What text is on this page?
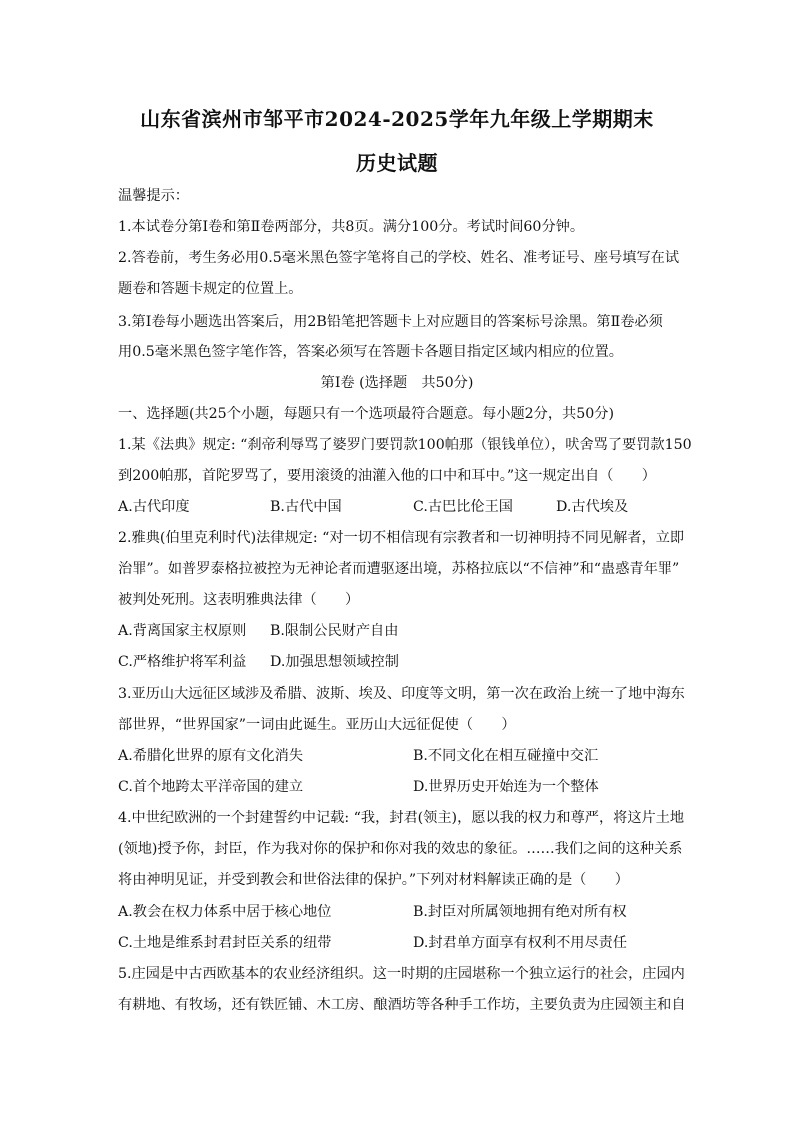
山东省滨州市邹平市2024-2025学年九年级上学期期末
历史试题
温馨提示：
1.本试卷分第Ⅰ卷和第Ⅱ卷两部分，共8页。满分100分。考试时间60分钟。
2.答卷前，考生务必用0.5毫米黑色签字笔将自己的学校、姓名、准考证号、座号填写在试
题卷和答题卡规定的位置上。
3.第Ⅰ卷每小题选出答案后，用2B铅笔把答题卡上对应题目的答案标号涂黑。第Ⅱ卷必须
用0.5毫米黑色签字笔作答，答案必须写在答题卡各题目指定区域内相应的位置。
第Ⅰ卷 (选择题　共50分)
一、选择题(共25个小题，每题只有一个选项最符合题意。每小题2分，共50分)
1.某《法典》规定: “刹帝利辱骂了婆罗门要罚款100帕那（银钱单位），吠舍骂了要罚款150
到200帕那，首陀罗骂了，要用滚烫的油灌入他的口中和耳中。”这一规定出自（　　）
A.古代印度	B.古代中国	C.古巴比伦王国	D.古代埃及
2.雅典(伯里克利时代)法律规定: “对一切不相信现有宗教者和一切神明持不同见解者，立即
治罪”。如普罗泰格拉被控为无神论者而遭驱逐出境，苏格拉底以“不信神”和“蛊惑青年罪”
被判处死刑。这表明雅典法律（　　）
A.背离国家主权原则 B.限制公民财产自由
C.严格维护将军利益 D.加强思想领域控制
3.亚历山大远征区域涉及希腊、波斯、埃及、印度等文明，第一次在政治上统一了地中海东
部世界，“世界国家”一词由此诞生。亚历山大远征促使（　　）
A.希腊化世界的原有文化消失	B.不同文化在相互碰撞中交汇
C.首个地跨太平洋帝国的建立	D.世界历史开始连为一个整体
4.中世纪欧洲的一个封建誓约中记载: “我，封君(领主)，愿以我的权力和尊严，将这片土地
(领地)授予你，封臣，作为我对你的保护和你对我的效忠的象征。……我们之间的这种关系
将由神明见证，并受到教会和世俗法律的保护。”下列对材料解读正确的是（　　）
A.教会在权力体系中居于核心地位	B.封臣对所属领地拥有绝对所有权
C.土地是维系封君封臣关系的纽带	D.封君单方面享有权利不用尽责任
5.庄园是中古西欧基本的农业经济组织。这一时期的庄园堪称一个独立运行的社会，庄园内
有耕地、有牧场，还有铁匠铺、木工房、酿酒坊等各种手工作坊，主要负责为庄园领主和自
